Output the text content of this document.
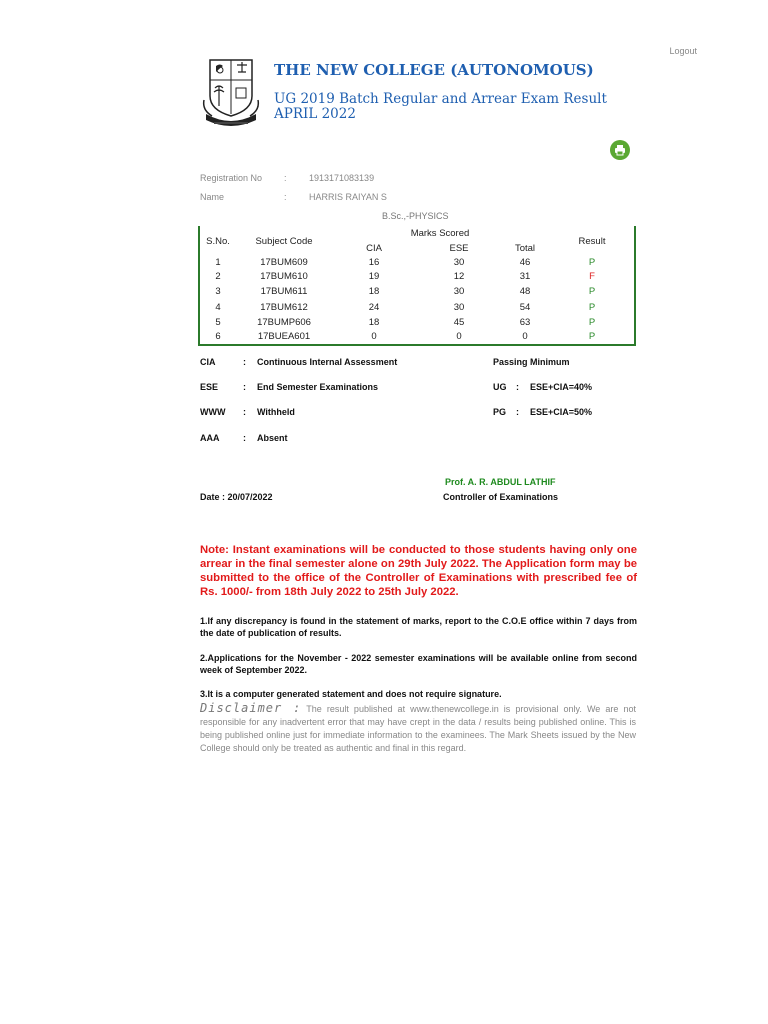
Logout
THE NEW COLLEGE (AUTONOMOUS)
UG 2019 Batch Regular and Arrear Exam Result APRIL 2022
Registration No	: 1913171083139
Name	: HARRIS RAIYAN S
B.Sc.,-PHYSICS
S.No.	Subject Code
Marks Scored
CIA	ESE	Total
Result
1	17BUM609	16	30	46	P
2	17BUM610	19	12	31	F
3	17BUM611	18	30	48	P
4	17BUM612	24	30	54	P
5	17BUMP606	18	45	63	P
6	17BUEA601	0	0	0	P
CIA	: Continuous Internal Assessment
ESE	: End Semester Examinations
WWW : Withheld
AAA	: Absent
Passing Minimum
UG : ESE+CIA=40%
PG : ESE+CIA=50%
Prof. A. R. ABDUL LATHIF
Controller of Examinations
Date : 20/07/2022
Note: Instant examinations will be conducted to those students having only one arrear in the final semester alone on 29th July 2022. The Application form may be submitted to the office of the Controller of Examinations with prescribed fee of Rs. 1000/- from 18th July 2022 to 25th July 2022.
1.If any discrepancy is found in the statement of marks, report to the C.O.E office within 7 days from the date of publication of results.
2.Applications for the November - 2022 semester examinations will be available online from second week of September 2022.
3.It is a computer generated statement and does not require signature.
Disclaimer : The result published at www.thenewcollege.in is provisional only. We are not responsible for any inadvertent error that may have crept in the data / results being published online. This is being published online just for immediate information to the examinees. The Mark Sheets issued by the New College should only be treated as authentic and final in this regard.
